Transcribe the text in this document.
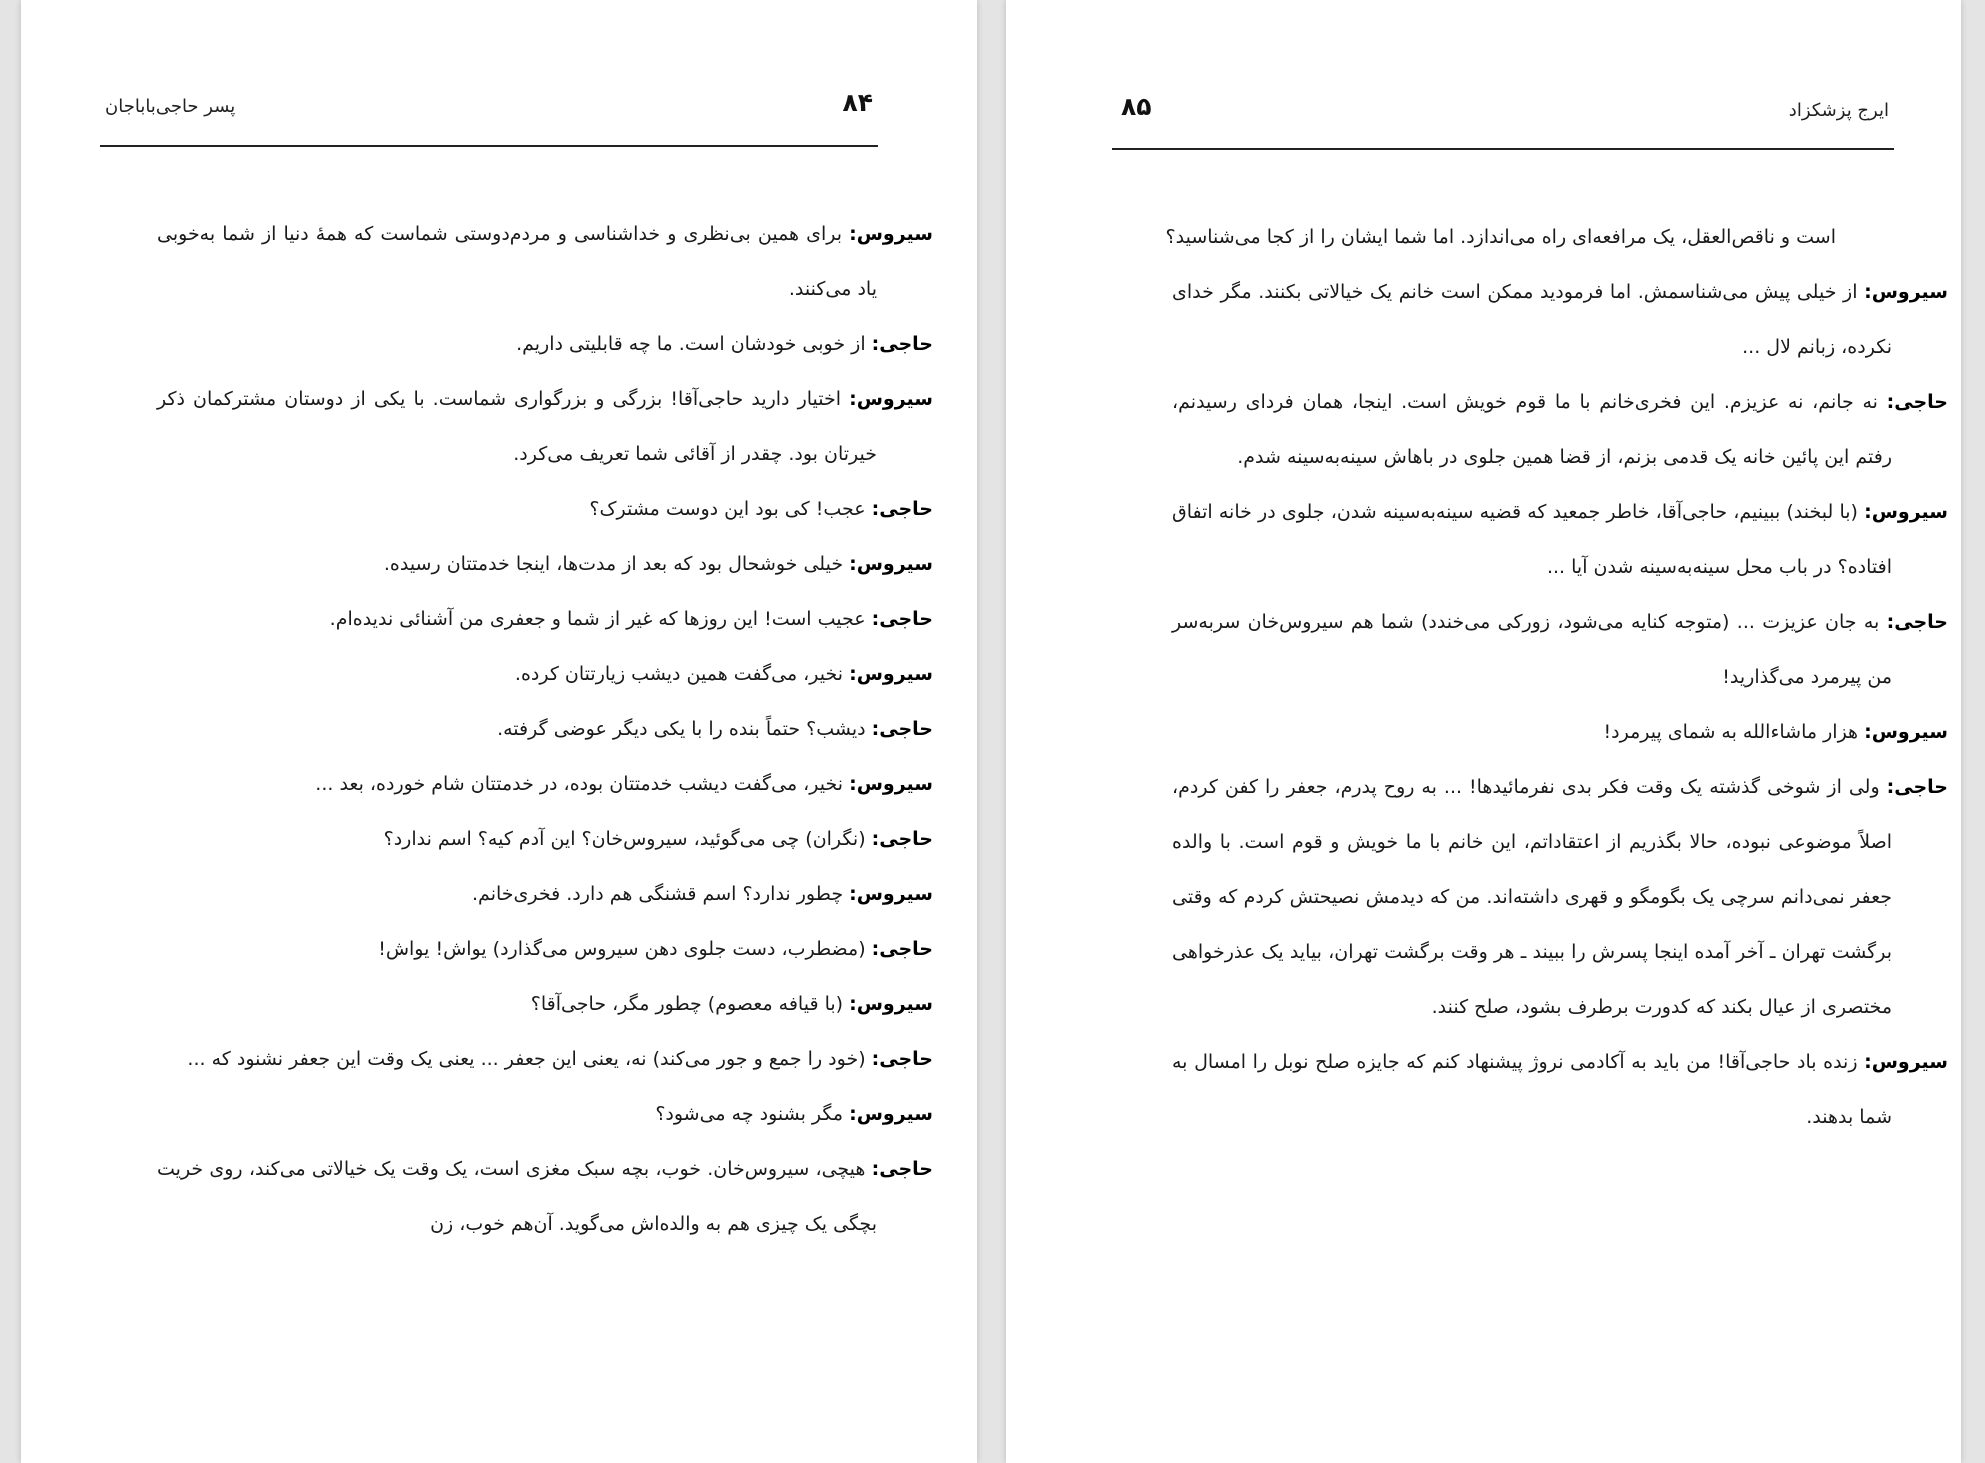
۸۴
پسر حاجی‌باباجان

سیروس: برای همین بی‌نظری و خداشناسی و مردم‌دوستی شماست که همهٔ دنیا از شما به‌خوبی یاد می‌کنند.

حاجی: از خوبی خودشان است. ما چه قابلیتی داریم.

سیروس: اختیار دارید حاجی‌آقا! بزرگی و بزرگواری شماست. با یکی از دوستان مشترکمان ذکر خیرتان بود. چقدر از آقائی شما تعریف می‌کرد.

حاجی: عجب! کی بود این دوست مشترک؟

سیروس: خیلی خوشحال بود که بعد از مدت‌ها، اینجا خدمتتان رسیده.

حاجی: عجیب است! این روزها که غیر از شما و جعفری من آشنائی ندیده‌ام.

سیروس: نخیر، می‌گفت همین دیشب زیارتتان کرده.

حاجی: دیشب؟ حتماً بنده را با یکی دیگر عوضی گرفته.

سیروس: نخیر، می‌گفت دیشب خدمتتان بوده، در خدمتتان شام خورده، بعد ...

حاجی: (نگران) چی می‌گوئید، سیروس‌خان؟ این آدم کیه؟ اسم ندارد؟

سیروس: چطور ندارد؟ اسم قشنگی هم دارد. فخری‌خانم.

حاجی: (مضطرب، دست جلوی دهن سیروس می‌گذارد) یواش! یواش!

سیروس: (با قیافه معصوم) چطور مگر، حاجی‌آقا؟

حاجی: (خود را جمع و جور می‌کند) نه، یعنی این جعفر ... یعنی یک وقت این جعفر نشنود که ...

سیروس: مگر بشنود چه می‌شود؟

حاجی: هیچی، سیروس‌خان. خوب، بچه سبک مغزی است، یک وقت یک خیالاتی می‌کند، روی خریت بچگی یک چیزی هم به والده‌اش می‌گوید. آن‌هم خوب، زن

۸۵	ایرج پزشکزاد

است و ناقص‌العقل، یک مرافعه‌ای راه می‌اندازد. اما شما ایشان را از کجا می‌شناسید؟

سیروس: از خیلی پیش می‌شناسمش. اما فرمودید ممکن است خانم یک خیالاتی بکنند. مگر خدای نکرده، زبانم لال ...

حاجی: نه جانم، نه عزیزم. این فخری‌خانم با ما قوم خویش است. اینجا، همان فردای رسیدنم، رفتم این پائین خانه یک قدمی بزنم، از قضا همین جلوی در باهاش سینه‌به‌سینه شدم.

سیروس: (با لبخند) ببینیم، حاجی‌آقا، خاطر جمعید که قضیه سینه‌به‌سینه شدن، جلوی در خانه اتفاق افتاده؟ در باب محل سینه‌به‌سینه شدن آیا ...

حاجی: به جان عزیزت ... (متوجه کنایه می‌شود، زورکی می‌خندد) شما هم سیروس‌خان سربه‌سر من پیرمرد می‌گذارید!

سیروس: هزار ماشاءالله به شمای پیرمرد!

حاجی: ولی از شوخی گذشته یک وقت فکر بدی نفرمائیدها! ... به روح پدرم، جعفر را کفن کردم، اصلاً موضوعی نبوده، حالا بگذریم از اعتقاداتم، این خانم با ما خویش و قوم است. با والده جعفر نمی‌دانم سرچی یک بگومگو و قهری داشته‌اند. من که دیدمش نصیحتش کردم که وقتی برگشت تهران ـ آخر آمده اینجا پسرش را ببیند ـ هر وقت برگشت تهران، بیاید یک عذرخواهی مختصری از عیال بکند که کدورت برطرف بشود، صلح کنند.

سیروس: زنده باد حاجی‌آقا! من باید به آکادمی نروژ پیشنهاد کنم که جایزه صلح نوبل را امسال به شما بدهند.
